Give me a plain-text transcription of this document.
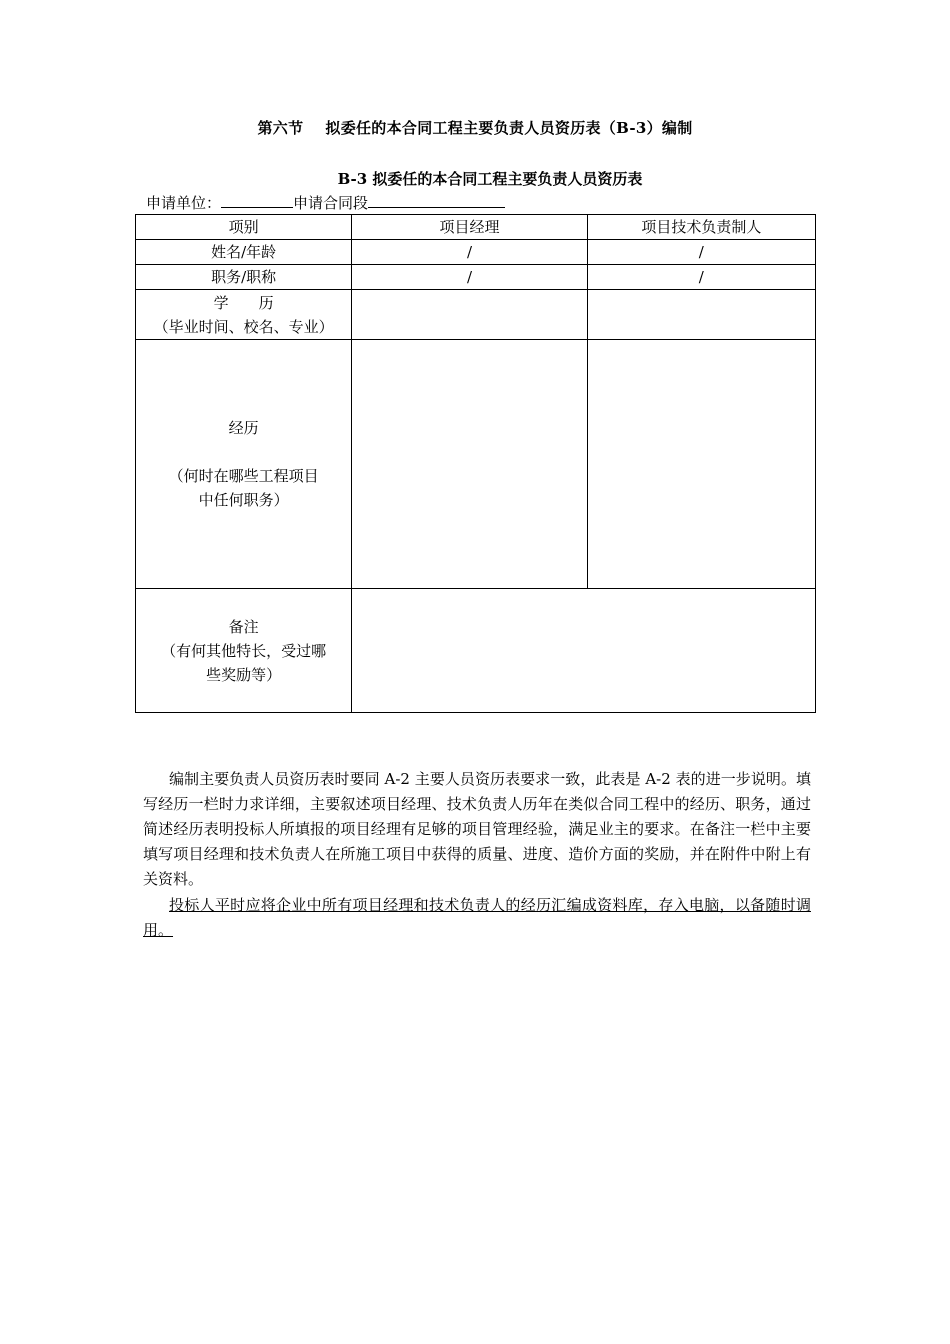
第六节 拟委任的本合同工程主要负责人员资历表（B-3）编制
B-3 拟委任的本合同工程主要负责人员资历表
申请单位：	申请合同段
项别	项目经理	项目技术负责制人
姓名/年龄	/	/
职务/职称	/	/

学　　历
（毕业时间、校名、专业）		

经历
（何时在哪些工程项目
中任何职务）		

备注
（有何其他特长，受过哪
些奖励等）		

编制主要负责人员资历表时要同 A-2 主要人员资历表要求一致，此表是 A-2 表的进一步说明。填写经历一栏时力求详细，主要叙述项目经理、技术负责人历年在类似合同工程中的经历、职务，通过简述经历表明投标人所填报的项目经理有足够的项目管理经验，满足业主的要求。在备注一栏中主要填写项目经理和技术负责人在所施工项目中获得的质量、进度、造价方面的奖励，并在附件中附上有关资料。

投标人平时应将企业中所有项目经理和技术负责人的经历汇编成资料库，存入电脑，以备随时调用。
